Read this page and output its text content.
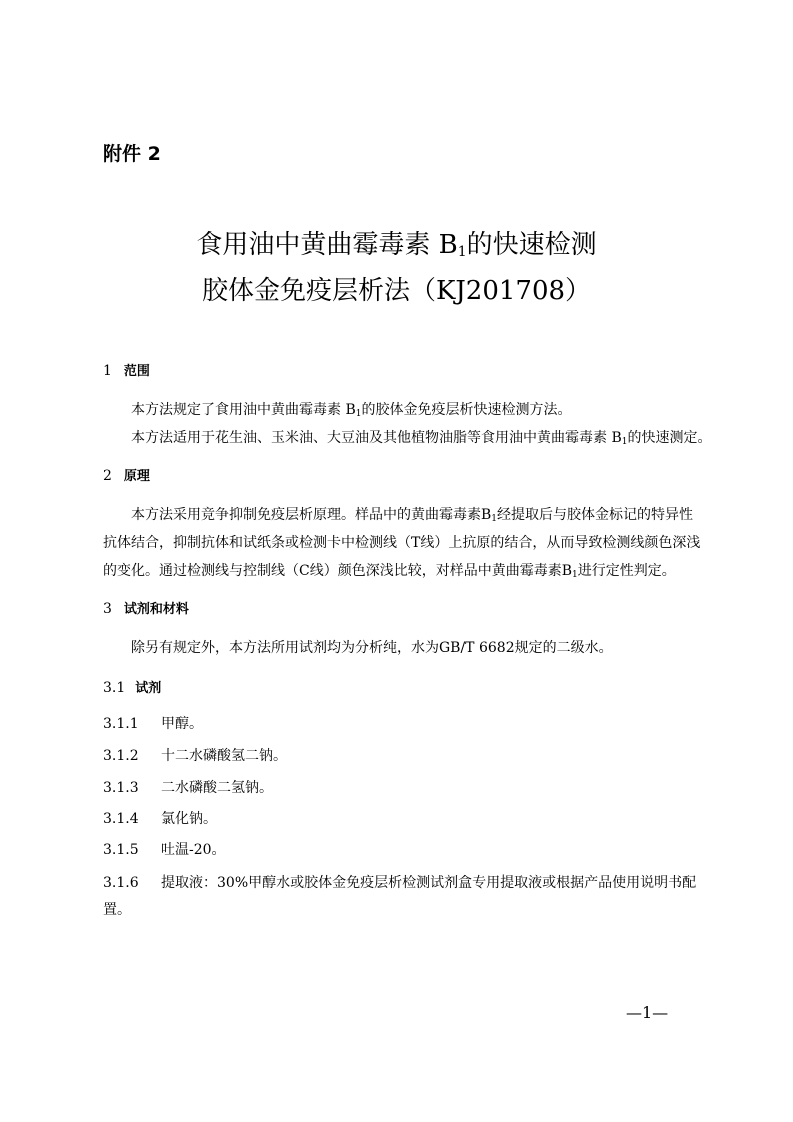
附件 2
食用油中黄曲霉毒素 $B_1$的快速检测
胶体金免疫层析法（KJ201708）
1 范围
本方法规定了食用油中黄曲霉毒素 $B_1$的胶体金免疫层析快速检测方法。
本方法适用于花生油、玉米油、大豆油及其他植物油脂等食用油中黄曲霉毒素 $B_1$的快速测定。
2 原理
本方法采用竞争抑制免疫层析原理。样品中的黄曲霉毒素$B_1$经提取后与胶体金标记的特异性
抗体结合，抑制抗体和试纸条或检测卡中检测线（T线）上抗原的结合，从而导致检测线颜色深浅
的变化。通过检测线与控制线（C线）颜色深浅比较，对样品中黄曲霉毒素$B_1$进行定性判定。
3 试剂和材料
除另有规定外，本方法所用试剂均为分析纯，水为GB/T 6682规定的二级水。
3.1 试剂
3.1.1 甲醇。
3.1.2 十二水磷酸氢二钠。
3.1.3 二水磷酸二氢钠。
3.1.4 氯化钠。
3.1.5 吐温-20。
3.1.6 提取液：30%甲醇水或胶体金免疫层析检测试剂盒专用提取液或根据产品使用说明书配
置。
—1—
